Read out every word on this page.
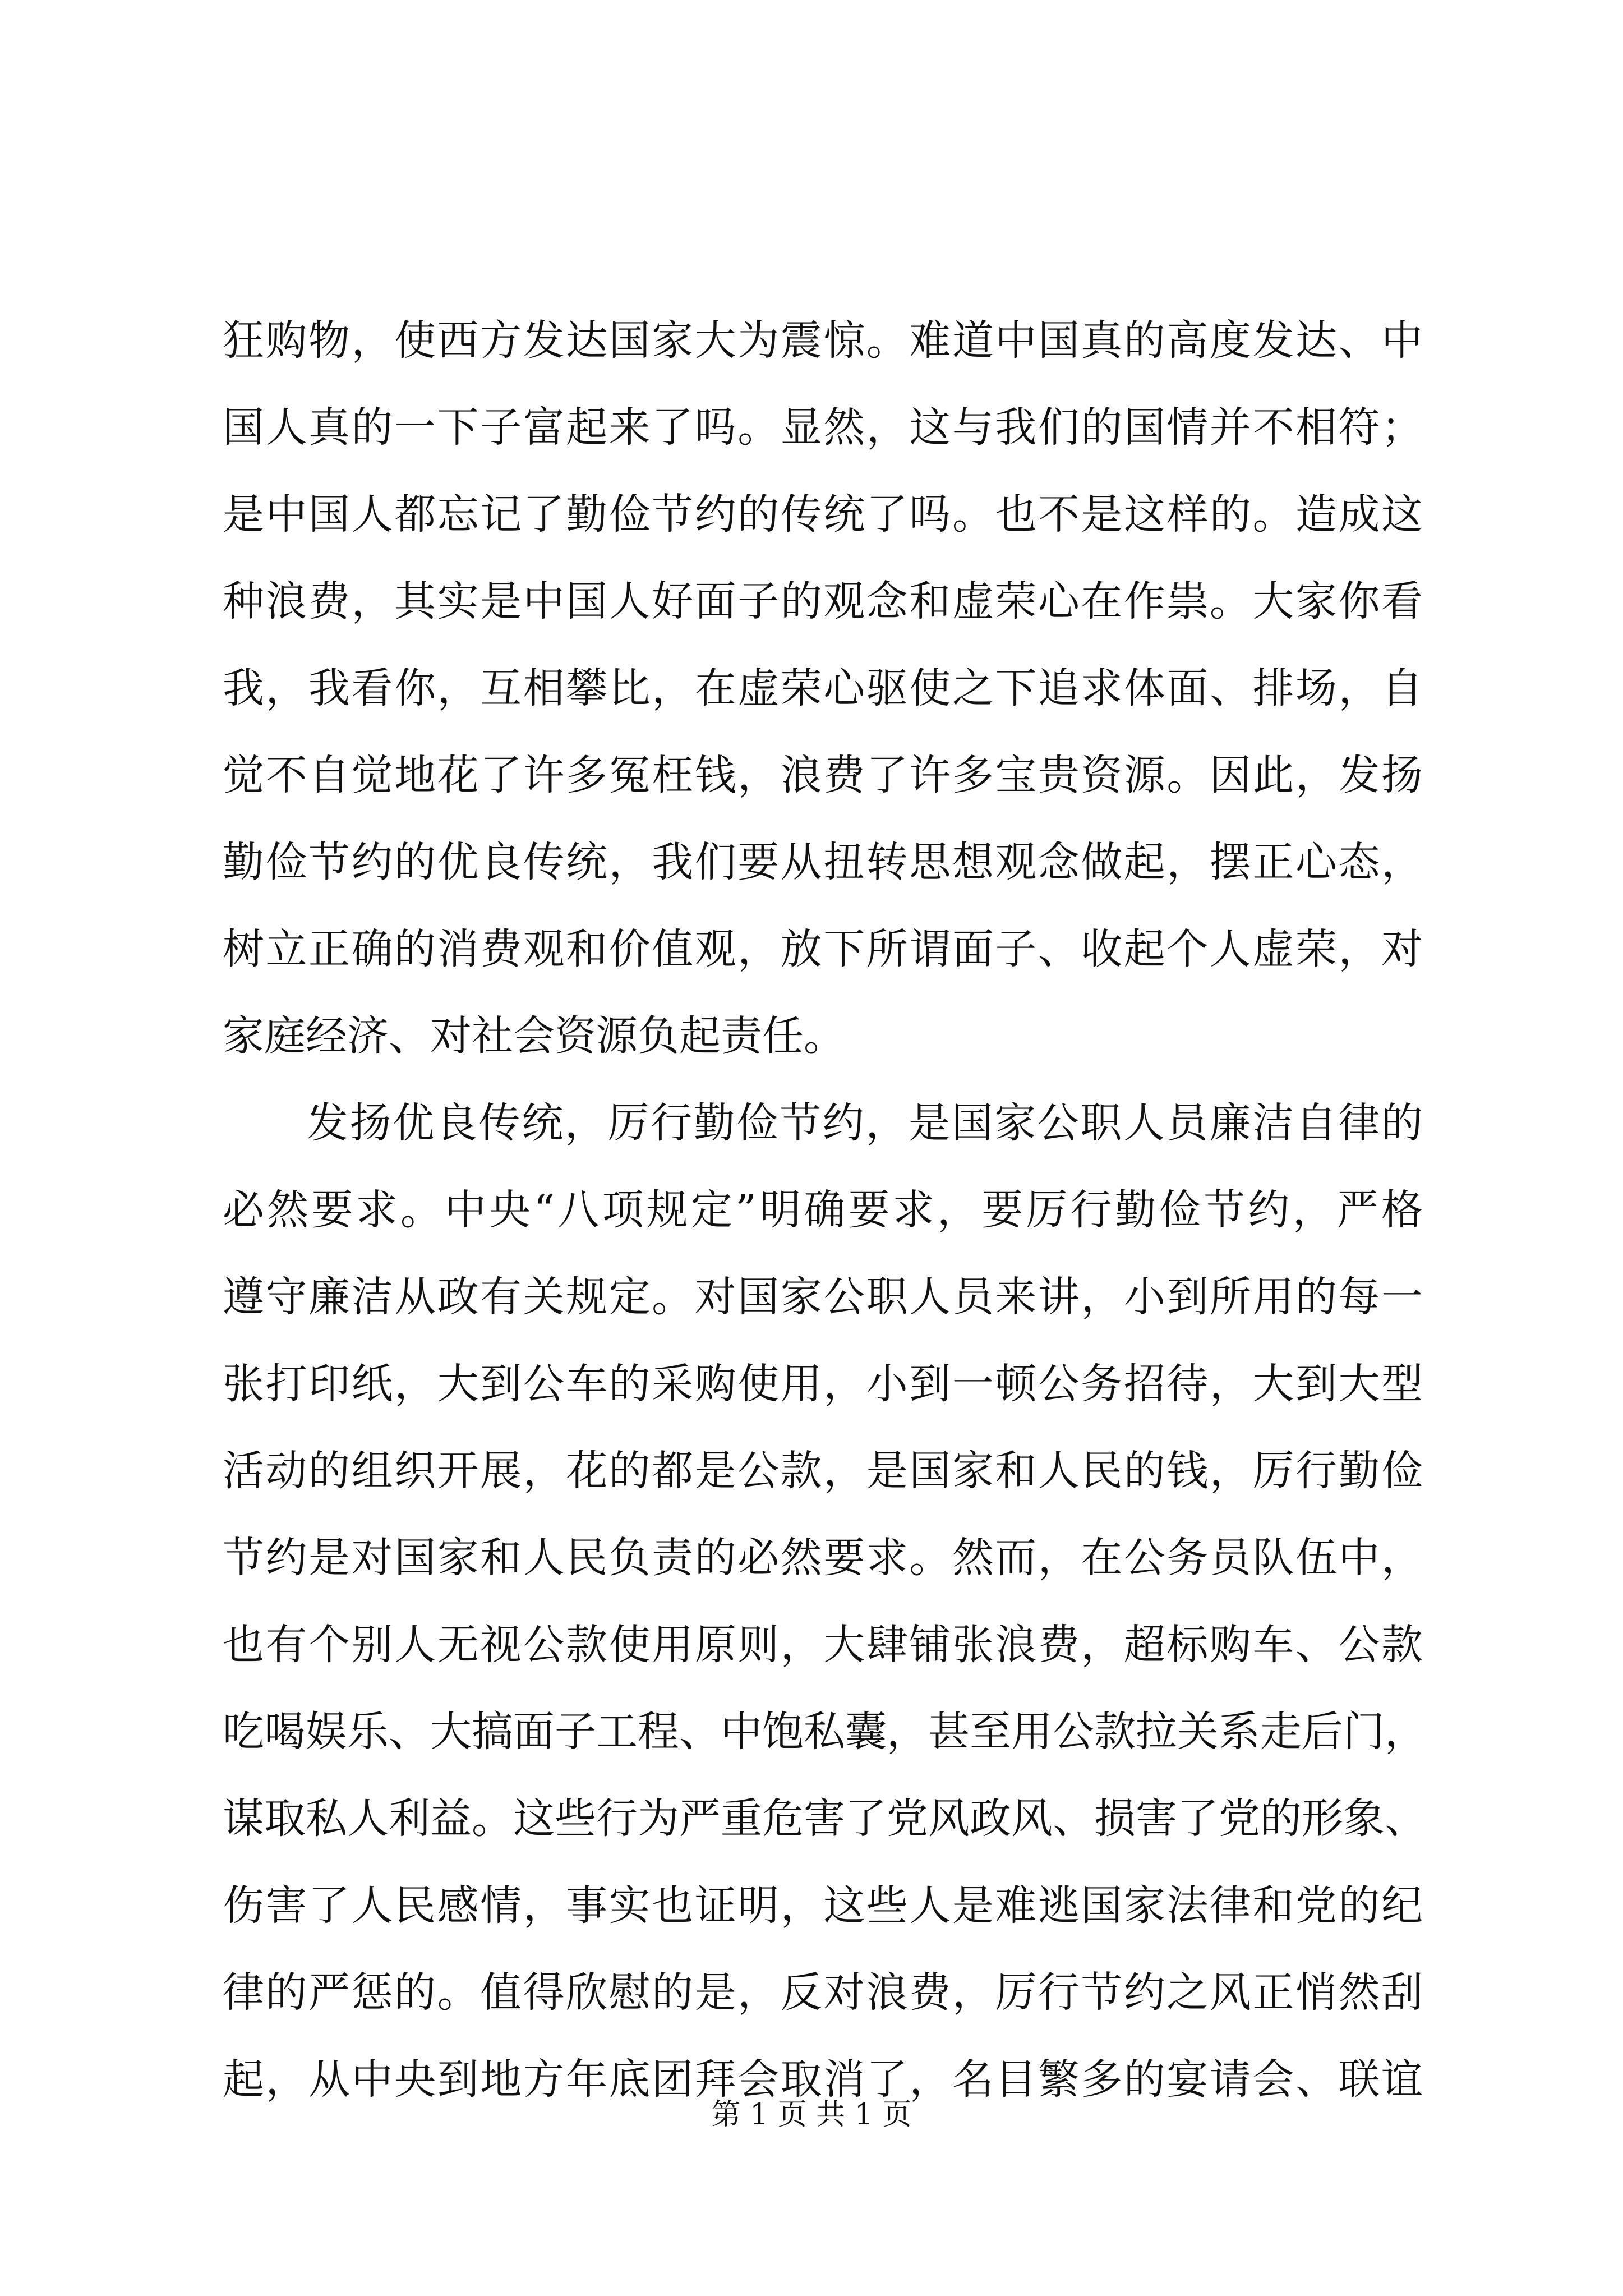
狂购物，使西方发达国家大为震惊。难道中国真的高度发达、中
国人真的一下子富起来了吗。显然，这与我们的国情并不相符；
是中国人都忘记了勤俭节约的传统了吗。也不是这样的。造成这
种浪费，其实是中国人好面子的观念和虚荣心在作祟。大家你看
我，我看你，互相攀比，在虚荣心驱使之下追求体面、排场，自
觉不自觉地花了许多冤枉钱，浪费了许多宝贵资源。因此，发扬
勤俭节约的优良传统，我们要从扭转思想观念做起，摆正心态，
树立正确的消费观和价值观，放下所谓面子、收起个人虚荣，对
家庭经济、对社会资源负起责任。
发扬优良传统，厉行勤俭节约，是国家公职人员廉洁自律的
必然要求。中央“八项规定”明确要求，要厉行勤俭节约，严格
遵守廉洁从政有关规定。对国家公职人员来讲，小到所用的每一
张打印纸，大到公车的采购使用，小到一顿公务招待，大到大型
活动的组织开展，花的都是公款，是国家和人民的钱，厉行勤俭
节约是对国家和人民负责的必然要求。然而，在公务员队伍中，
也有个别人无视公款使用原则，大肆铺张浪费，超标购车、公款
吃喝娱乐、大搞面子工程、中饱私囊，甚至用公款拉关系走后门，
谋取私人利益。这些行为严重危害了党风政风、损害了党的形象、
伤害了人民感情，事实也证明，这些人是难逃国家法律和党的纪
律的严惩的。值得欣慰的是，反对浪费，厉行节约之风正悄然刮
起，从中央到地方年底团拜会取消了，名目繁多的宴请会、联谊
第 1 页 共 1 页
